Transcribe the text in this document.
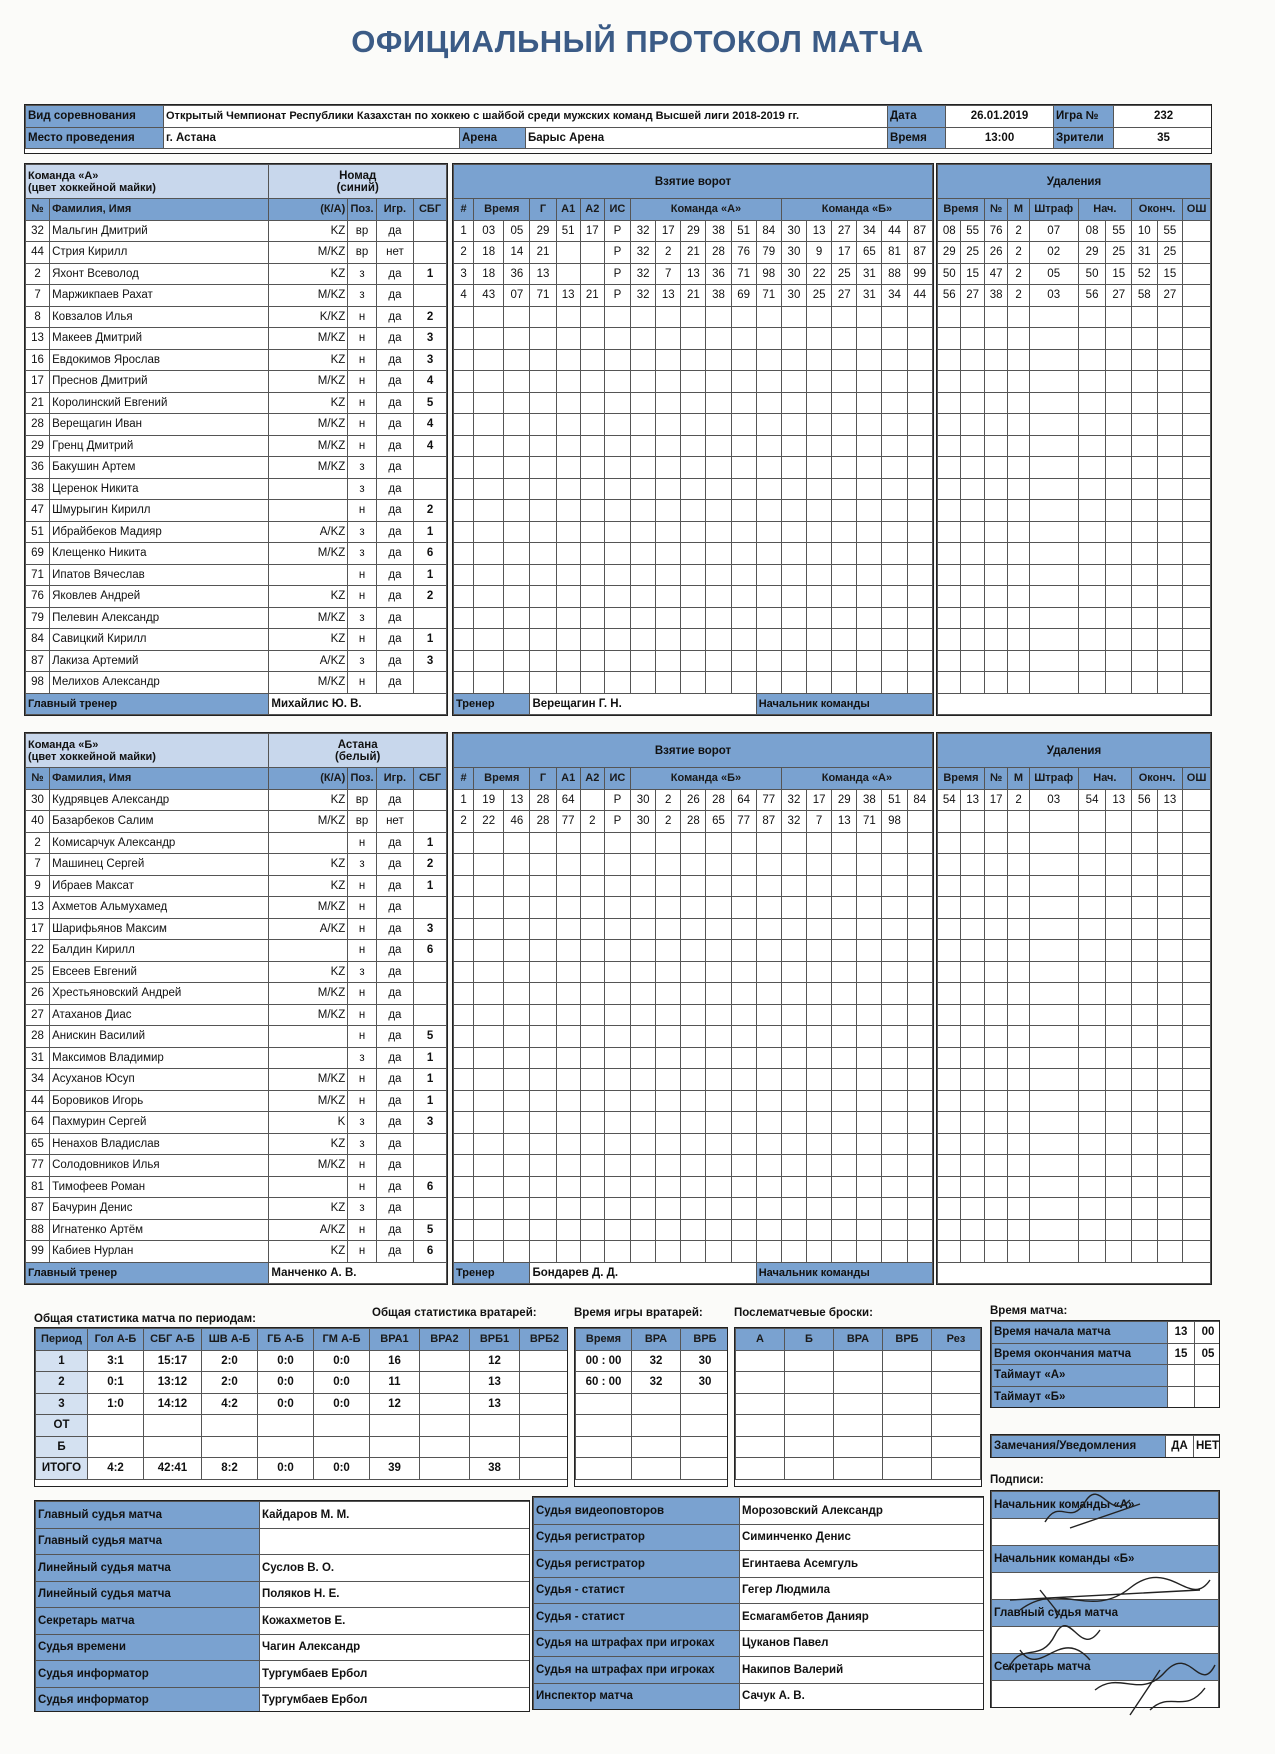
ОФИЦИАЛЬНЫЙ ПРОТОКОЛ МАТЧА
Вид соревнования	Открытый Чемпионат Республики Казахстан по хоккею с шайбой среди мужских команд Высшей лиги 2018-2019 гг.			Дата	26.01.2019	Игра №	232
Место проведения	г. Астана	Арена	Барыс Арена	Время	13:00	Зрители	35
Команда «А»
(цвет хоккейной майки)		Номад
(синий)			
№	Фамилия, Имя	(К/А)	Поз.	Игр.	СБГ
32	Мальгин Дмитрий	KZ	вр	да	
44	Стрия Кирилл	M/KZ	вр	нет	
2	Яхонт Всеволод	KZ	з	да	1
7	Маржикпаев Рахат	M/KZ	з	да	
8	Ковзалов Илья	K/KZ	н	да	2
13	Макеев Дмитрий	M/KZ	н	да	3
16	Евдокимов Ярослав	KZ	н	да	3
17	Преснов Дмитрий	M/KZ	н	да	4
21	Королинский Евгений	KZ	н	да	5
28	Верещагин Иван	M/KZ	н	да	4
29	Гренц Дмитрий	M/KZ	н	да	4
36	Бакушин Артем	M/KZ	з	да	
38	Церенок Никита		з	да	
47	Шмурыгин Кирилл		н	да	2
51	Ибрайбеков Мадияр	A/KZ	з	да	1
69	Клещенко Никита	M/KZ	з	да	6
71	Ипатов Вячеслав		н	да	1
76	Яковлев Андрей	KZ	н	да	2
79	Пелевин Александр	M/KZ	з	да	
84	Савицкий Кирилл	KZ	н	да	1
87	Лакиза Артемий	A/KZ	з	да	3
98	Мелихов Александр	M/KZ	н	да	
Главный тренер		Михайлис Ю. В.			
Взятие ворот																		
#	Время		Г	А1	А2	ИС	Команда «А»						Команда «Б»					
1	03	05	29	51	17	Р	32	17	29	38	51	84	30	13	27	34	44	87
2	18	14	21			Р	32	2	21	28	76	79	30	9	17	65	81	87
3	18	36	13			Р	32	7	13	36	71	98	30	22	25	31	88	99
4	43	07	71	13	21	Р	32	13	21	38	69	71	30	25	27	31	34	44

Тренер			Верещагин Г. Н.									Начальник команды						
Удаления									
Время		№	М	Штраф	Нач.		Оконч.		ОШ
08	55	76	2	07	08	55	10	55	
29	25	26	2	02	29	25	31	25	
50	15	47	2	05	50	15	52	15	
56	27	38	2	03	56	27	58	27	

Команда «Б»
(цвет хоккейной майки)		Астана
(белый)			
№	Фамилия, Имя	(К/А)	Поз.	Игр.	СБГ
30	Кудрявцев Александр	KZ	вр	да	
40	Базарбеков Салим	M/KZ	вр	нет	
2	Комисарчук Александр		н	да	1
7	Машинец Сергей	KZ	з	да	2
9	Ибраев Максат	KZ	н	да	1
13	Ахметов Альмухамед	M/KZ	н	да	
17	Шарифьянов Максим	A/KZ	н	да	3
22	Балдин Кирилл		н	да	6
25	Евсеев Евгений	KZ	з	да	
26	Хрестьяновский Андрей	M/KZ	н	да	
27	Атаханов Диас	M/KZ	н	да	
28	Анискин Василий		н	да	5
31	Максимов Владимир		з	да	1
34	Асуханов Юсуп	M/KZ	н	да	1
44	Боровиков Игорь	M/KZ	н	да	1
64	Пахмурин Сергей	K	з	да	3
65	Ненахов Владислав	KZ	з	да	
77	Солодовников Илья	M/KZ	н	да	
81	Тимофеев Роман		н	да	6
87	Бачурин Денис	KZ	з	да	
88	Игнатенко Артём	A/KZ	н	да	5
99	Кабиев Нурлан	KZ	н	да	6
Главный тренер		Манченко А. В.			
Взятие ворот																		
#	Время		Г	А1	А2	ИС	Команда «Б»						Команда «А»					
1	19	13	28	64		Р	30	2	26	28	64	77	32	17	29	38	51	84
2	22	46	28	77	2	Р	30	2	28	65	77	87	32	7	13	71	98	

Тренер			Бондарев Д. Д.									Начальник команды						
Удаления									
Время		№	М	Штраф	Нач.		Оконч.		ОШ
54	13	17	2	03	54	13	56	13	

Общая статистика матча по периодам:	Общая статистика вратарей:	Время игры вратарей:	Послематчевые броски:	Время матча:
Период	Гол А-Б	СБГ А-Б	ШВ А-Б	ГБ А-Б	ГМ А-Б	ВРА1	ВРА2	ВРБ1	ВРБ2
1	3:1	15:17	2:0	0:0	0:0	16		12	
2	0:1	13:12	2:0	0:0	0:0	11		13	
3	1:0	14:12	4:2	0:0	0:0	12		13	
ОТ									
Б									
ИТОГО	4:2	42:41	8:2	0:0	0:0	39		38	
Время	ВРА	ВРБ
00 : 00	32	30
60 : 00	32	30

А	Б	ВРА	ВРБ	Рез

Время начала матча	13	00
Время окончания матча	15	05
Таймаут «А»		
Таймаут «Б»		
Замечания/Уведомления	ДА	НЕТ
Подписи:
Главный судья матча	Кайдаров М. М.
Главный судья матча	
Линейный судья матча	Суслов В. О.
Линейный судья матча	Поляков Н. Е.
Секретарь матча	Кожахметов Е.
Судья времени	Чагин Александр
Судья информатор	Тургумбаев Ербол
Судья информатор	Тургумбаев Ербол
Судья видеоповторов	Морозовский Александр
Судья регистратор	Симинченко Денис
Судья регистратор	Егинтаева Асемгуль
Судья - статист	Гегер Людмила
Судья - статист	Есмагамбетов Данияр
Судья на штрафах при игроках	Цуканов Павел
Судья на штрафах при игроках	Накипов Валерий
Инспектор матча	Сачук А. В.
Начальник команды «А»

Начальник команды «Б»

Главный судья матча

Секретарь матча
